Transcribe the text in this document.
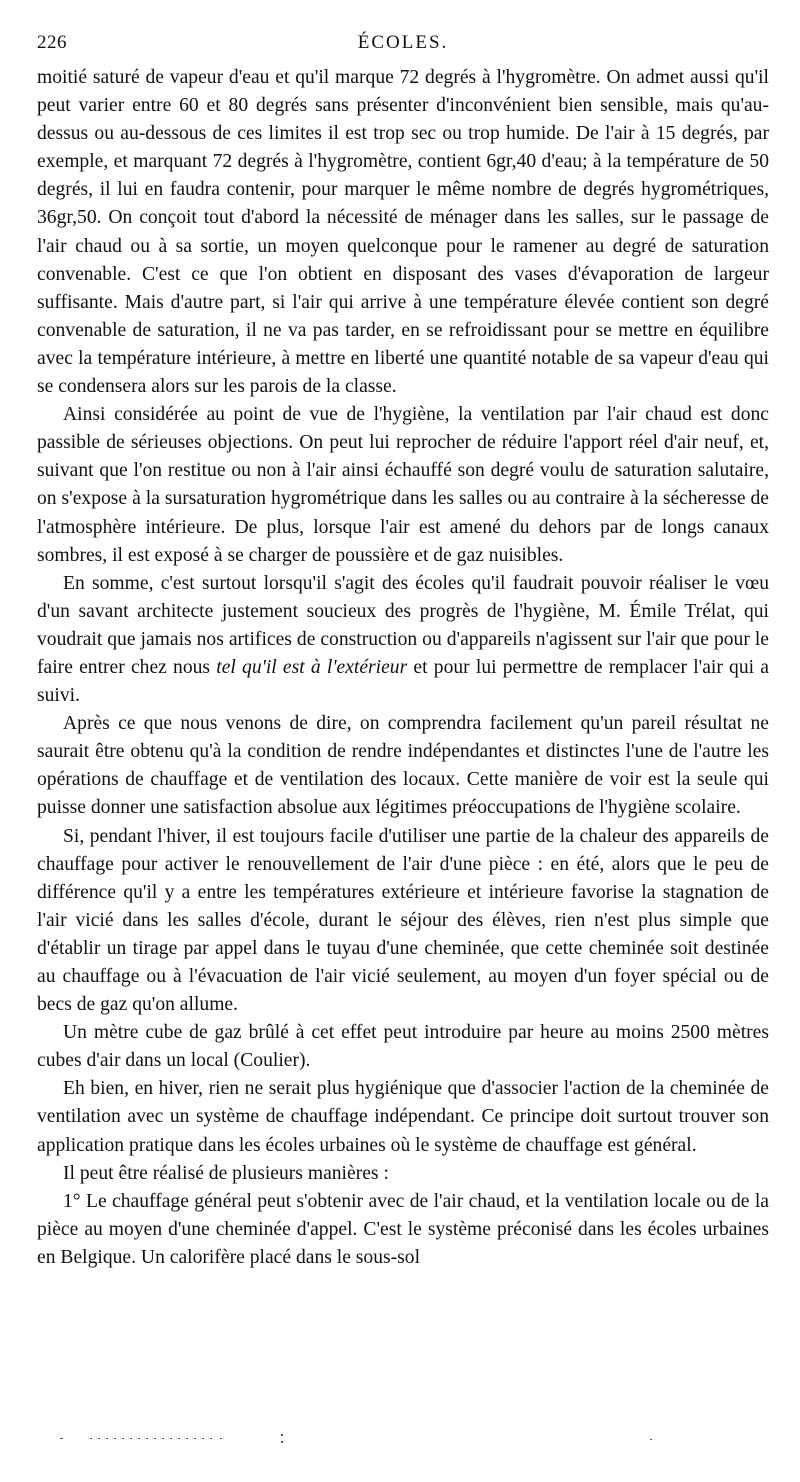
226	ÉCOLES.

moitié saturé de vapeur d'eau et qu'il marque 72 degrés à l'hygromètre. On admet aussi qu'il peut varier entre 60 et 80 degrés sans présenter d'inconvénient bien sensible, mais qu'au-dessus ou au-dessous de ces limites il est trop sec ou trop humide. De l'air à 15 degrés, par exemple, et marquant 72 degrés à l'hygromètre, contient 6gr,40 d'eau; à la température de 50 degrés, il lui en faudra contenir, pour marquer le même nombre de degrés hygrométriques, 36gr,50. On conçoit tout d'abord la nécessité de ménager dans les salles, sur le passage de l'air chaud ou à sa sortie, un moyen quelconque pour le ramener au degré de saturation convenable. C'est ce que l'on obtient en disposant des vases d'évaporation de largeur suffisante. Mais d'autre part, si l'air qui arrive à une température élevée contient son degré convenable de saturation, il ne va pas tarder, en se refroidissant pour se mettre en équilibre avec la température intérieure, à mettre en liberté une quantité notable de sa vapeur d'eau qui se condensera alors sur les parois de la classe.

Ainsi considérée au point de vue de l'hygiène, la ventilation par l'air chaud est donc passible de sérieuses objections. On peut lui reprocher de réduire l'apport réel d'air neuf, et, suivant que l'on restitue ou non à l'air ainsi échauffé son degré voulu de saturation salutaire, on s'expose à la sursaturation hygrométrique dans les salles ou au contraire à la sécheresse de l'atmosphère intérieure. De plus, lorsque l'air est amené du dehors par de longs canaux sombres, il est exposé à se charger de poussière et de gaz nuisibles.

En somme, c'est surtout lorsqu'il s'agit des écoles qu'il faudrait pouvoir réaliser le vœu d'un savant architecte justement soucieux des progrès de l'hygiène, M. Émile Trélat, qui voudrait que jamais nos artifices de construction ou d'appareils n'agissent sur l'air que pour le faire entrer chez nous tel qu'il est à l'extérieur et pour lui permettre de remplacer l'air qui a suivi.

Après ce que nous venons de dire, on comprendra facilement qu'un pareil résultat ne saurait être obtenu qu'à la condition de rendre indépendantes et distinctes l'une de l'autre les opérations de chauffage et de ventilation des locaux. Cette manière de voir est la seule qui puisse donner une satisfaction absolue aux légitimes préoccupations de l'hygiène scolaire.

Si, pendant l'hiver, il est toujours facile d'utiliser une partie de la chaleur des appareils de chauffage pour activer le renouvellement de l'air d'une pièce : en été, alors que le peu de différence qu'il y a entre les températures extérieure et intérieure favorise la stagnation de l'air vicié dans les salles d'école, durant le séjour des élèves, rien n'est plus simple que d'établir un tirage par appel dans le tuyau d'une cheminée, que cette cheminée soit destinée au chauffage ou à l'évacuation de l'air vicié seulement, au moyen d'un foyer spécial ou de becs de gaz qu'on allume.

Un mètre cube de gaz brûlé à cet effet peut introduire par heure au moins 2500 mètres cubes d'air dans un local (Coulier).

Eh bien, en hiver, rien ne serait plus hygiénique que d'associer l'action de la cheminée de ventilation avec un système de chauffage indépendant. Ce principe doit surtout trouver son application pratique dans les écoles urbaines où le système de chauffage est général.

Il peut être réalisé de plusieurs manières :

1° Le chauffage général peut s'obtenir avec de l'air chaud, et la ventilation locale ou de la pièce au moyen d'une cheminée d'appel. C'est le système préconisé dans les écoles urbaines en Belgique. Un calorifère placé dans le sous-sol
